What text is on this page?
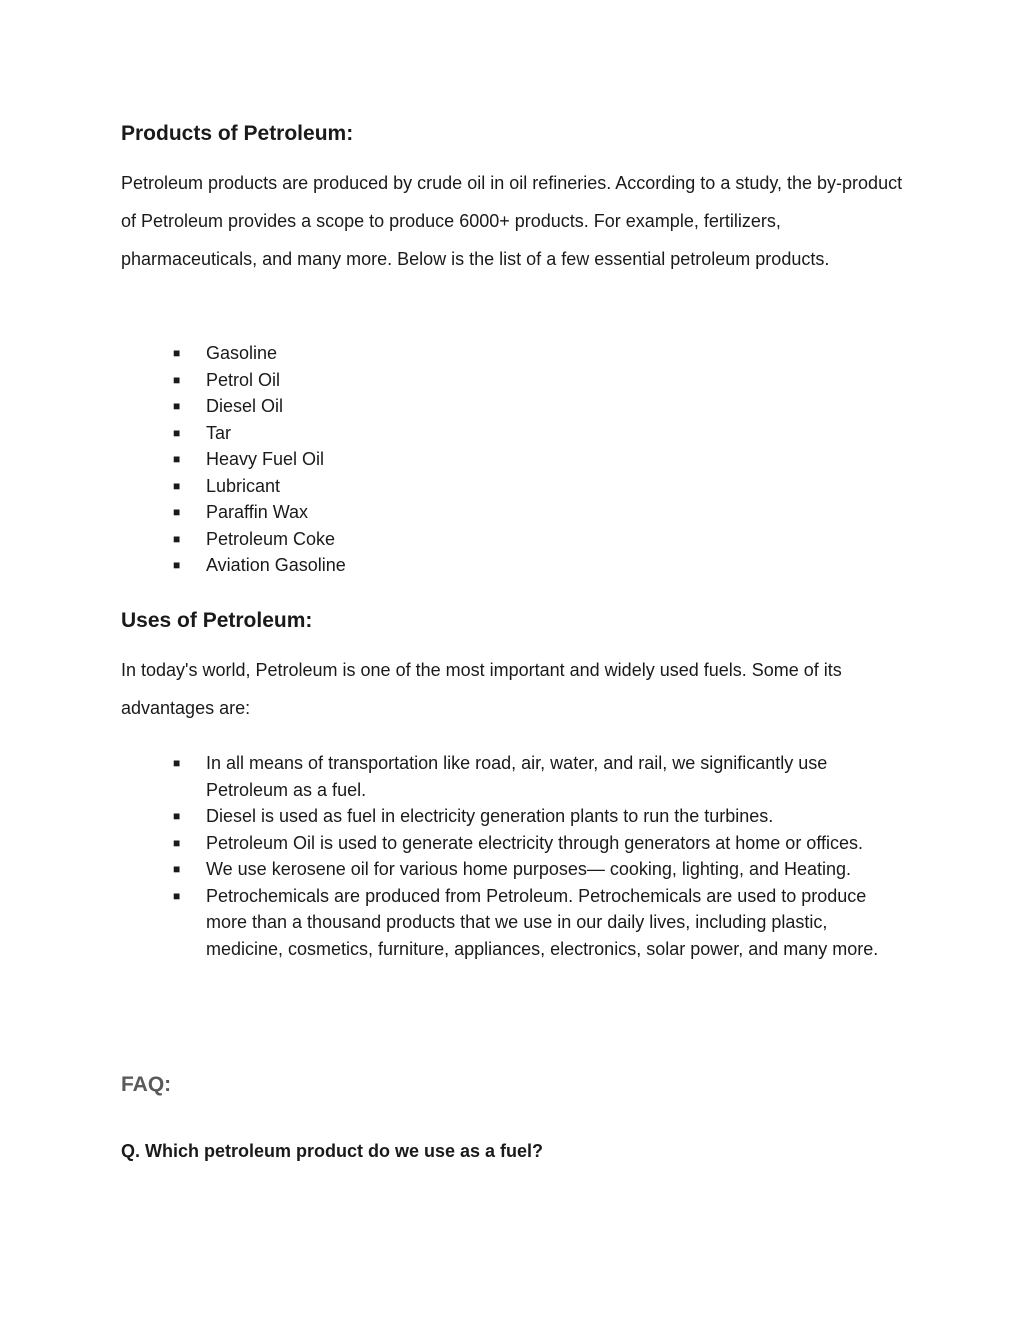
Products of Petroleum:

Petroleum products are produced by crude oil in oil refineries. According to a study, the by-product of Petroleum provides a scope to produce 6000+ products. For example, fertilizers, pharmaceuticals, and many more. Below is the list of a few essential petroleum products.

■ Gasoline
■ Petrol Oil
■ Diesel Oil
■ Tar
■ Heavy Fuel Oil
■ Lubricant
■ Paraffin Wax
■ Petroleum Coke
■ Aviation Gasoline
Uses of Petroleum:

In today's world, Petroleum is one of the most important and widely used fuels. Some of its advantages are:

■ In all means of transportation like road, air, water, and rail, we significantly use Petroleum as a fuel.
■ Diesel is used as fuel in electricity generation plants to run the turbines.
■ Petroleum Oil is used to generate electricity through generators at home or offices.
■ We use kerosene oil for various home purposes— cooking, lighting, and Heating.
■ Petrochemicals are produced from Petroleum. Petrochemicals are used to produce more than a thousand products that we use in our daily lives, including plastic, medicine, cosmetics, furniture, appliances, electronics, solar power, and many more.
FAQ:
Q. Which petroleum product do we use as a fuel?
